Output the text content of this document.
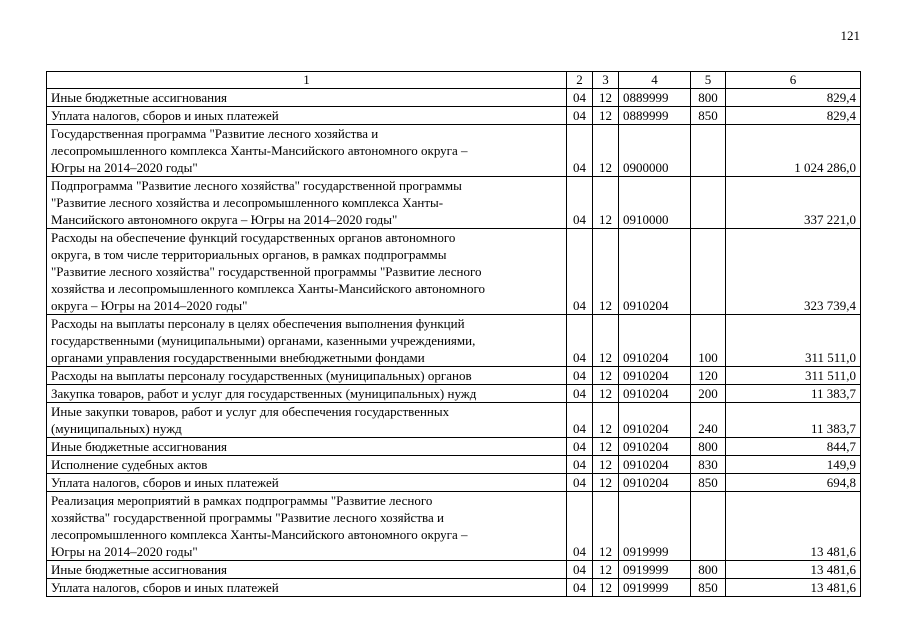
121
1	2	3	4	5	6
Иные бюджетные ассигнования	04	12	0889999	800	829,4
Уплата налогов, сборов и иных платежей	04	12	0889999	850	829,4
Государственная программа "Развитие лесного хозяйства и
лесопромышленного комплекса Ханты-Мансийского автономного округа –
Югры на 2014–2020 годы"	04	12	0900000		1 024 286,0
Подпрограмма "Развитие лесного хозяйства" государственной программы
"Развитие лесного хозяйства и лесопромышленного комплекса Ханты-
Мансийского автономного округа – Югры на 2014–2020 годы"	04	12	0910000		337 221,0
Расходы на обеспечение функций государственных органов автономного
округа, в том числе территориальных органов, в рамках подпрограммы
"Развитие лесного хозяйства" государственной программы "Развитие лесного
хозяйства и лесопромышленного комплекса Ханты-Мансийского автономного
округа – Югры на 2014–2020 годы"	04	12	0910204		323 739,4
Расходы на выплаты персоналу в целях обеспечения выполнения функций
государственными (муниципальными) органами, казенными учреждениями,
органами управления государственными внебюджетными фондами	04	12	0910204	100	311 511,0
Расходы на выплаты персоналу государственных (муниципальных) органов	04	12	0910204	120	311 511,0
Закупка товаров, работ и услуг для государственных (муниципальных) нужд	04	12	0910204	200	11 383,7
Иные закупки товаров, работ и услуг для обеспечения государственных
(муниципальных) нужд	04	12	0910204	240	11 383,7
Иные бюджетные ассигнования	04	12	0910204	800	844,7
Исполнение судебных актов	04	12	0910204	830	149,9
Уплата налогов, сборов и иных платежей	04	12	0910204	850	694,8
Реализация мероприятий в рамках подпрограммы "Развитие лесного
хозяйства" государственной программы "Развитие лесного хозяйства и
лесопромышленного комплекса Ханты-Мансийского автономного округа –
Югры на 2014–2020 годы"	04	12	0919999		13 481,6
Иные бюджетные ассигнования	04	12	0919999	800	13 481,6
Уплата налогов, сборов и иных платежей	04	12	0919999	850	13 481,6
